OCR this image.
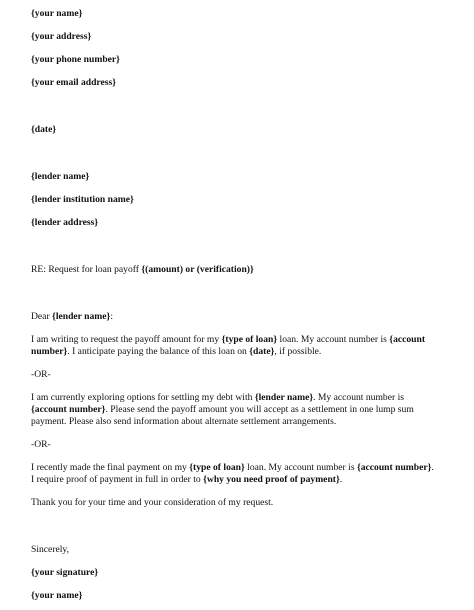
{your name}

{your address}

{your phone number}

{your email address}

{date}

{lender name}

{lender institution name}

{lender address}

RE: Request for loan payoff {(amount) or (verification)}

Dear {lender name}:

I am writing to request the payoff amount for my {type of loan} loan. My account number is {account

number}. I anticipate paying the balance of this loan on {date}, if possible.

-OR-

I am currently exploring options for settling my debt with {lender name}. My account number is

{account number}. Please send the payoff amount you will accept as a settlement in one lump sum

payment. Please also send information about alternate settlement arrangements.

-OR-

I recently made the final payment on my {type of loan} loan. My account number is {account number}.

I require proof of payment in full in order to {why you need proof of payment}.

Thank you for your time and your consideration of my request.

Sincerely,

{your signature}

{your name}
